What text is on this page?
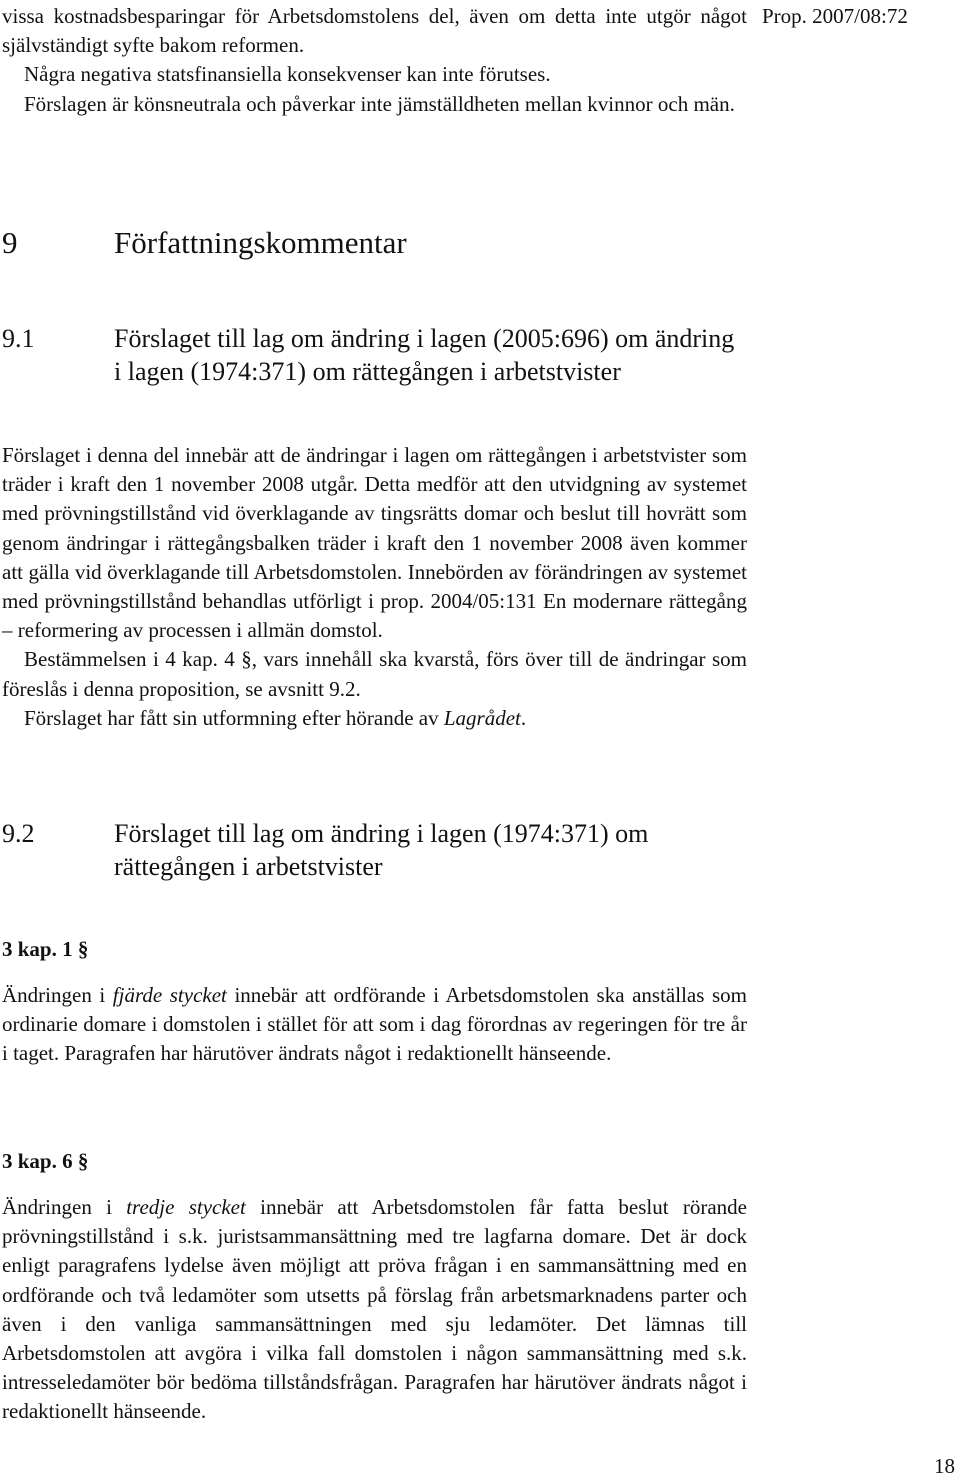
Prop. 2007/08:72

vissa kostnadsbesparingar för Arbetsdomstolens del, även om detta inte utgör något självständigt syfte bakom reformen.

Några negativa statsfinansiella konsekvenser kan inte förutses.

Förslagen är könsneutrala och påverkar inte jämställdheten mellan kvinnor och män.

9	Författningskommentar
9.1	Förslaget till lag om ändring i lagen (2005:696) om ändring i lagen (1974:371) om rättegången i arbetstvister

Förslaget i denna del innebär att de ändringar i lagen om rättegången i arbetstvister som träder i kraft den 1 november 2008 utgår. Detta medför att den utvidgning av systemet med prövningstillstånd vid överklagande av tingsrätts domar och beslut till hovrätt som genom ändringar i rättegångsbalken träder i kraft den 1 november 2008 även kommer att gälla vid överklagande till Arbetsdomstolen. Innebörden av förändringen av systemet med prövningstillstånd behandlas utförligt i prop. 2004/05:131 En modernare rättegång – reformering av processen i allmän domstol.

Bestämmelsen i 4 kap. 4 §, vars innehåll ska kvarstå, förs över till de ändringar som föreslås i denna proposition, se avsnitt 9.2.

Förslaget har fått sin utformning efter hörande av Lagrådet.

9.2	Förslaget till lag om ändring i lagen (1974:371) om rättegången i arbetstvister
3 kap. 1 §

Ändringen i fjärde stycket innebär att ordförande i Arbetsdomstolen ska anställas som ordinarie domare i domstolen i stället för att som i dag förordnas av regeringen för tre år i taget. Paragrafen har härutöver ändrats något i redaktionellt hänseende.

3 kap. 6 §

Ändringen i tredje stycket innebär att Arbetsdomstolen får fatta beslut rörande prövningstillstånd i s.k. juristsammansättning med tre lagfarna domare. Det är dock enligt paragrafens lydelse även möjligt att pröva frågan i en sammansättning med en ordförande och två ledamöter som utsetts på förslag från arbetsmarknadens parter och även i den vanliga sammansättningen med sju ledamöter. Det lämnas till Arbetsdomstolen att avgöra i vilka fall domstolen i någon sammansättning med s.k. intresseledamöter bör bedöma tillståndsfrågan. Paragrafen har härutöver ändrats något i redaktionellt hänseende.

18
